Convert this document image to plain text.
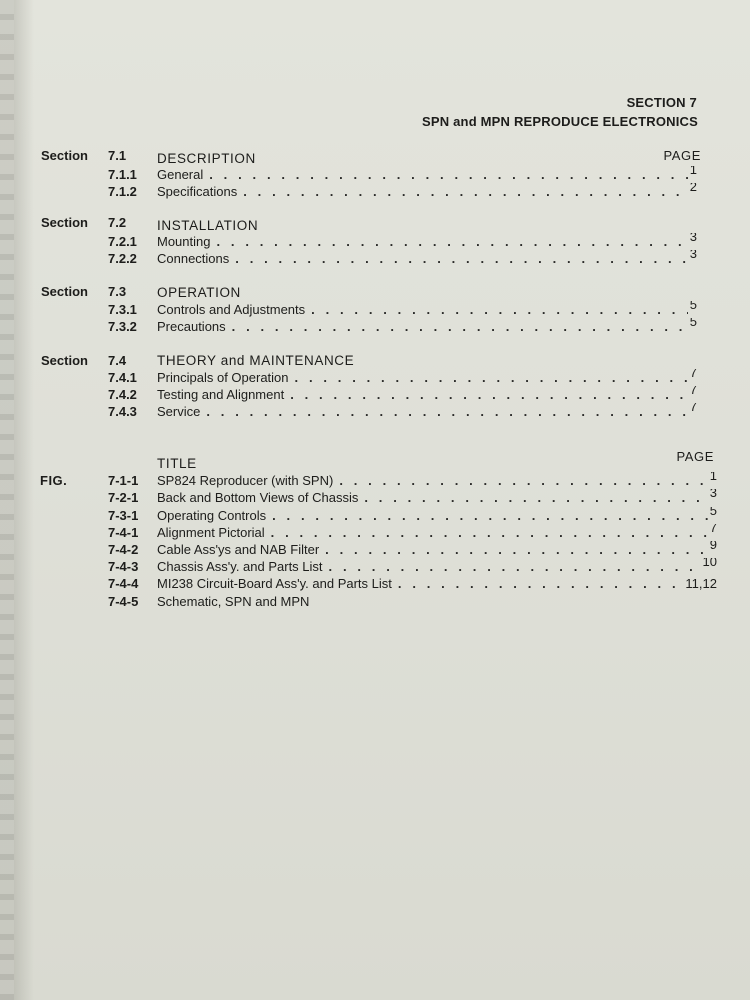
SECTION 7
SPN and MPN REPRODUCE ELECTRONICS
Section 7.1 DESCRIPTION	PAGE
7.1.1 General . . .	1
7.1.2 Specifications . . .	2
Section 7.2 INSTALLATION
7.2.1 Mounting . . .	3
7.2.2 Connections . . .	3
Section 7.3 OPERATION
7.3.1 Controls and Adjustments . . .	5
7.3.2 Precautions . . .	5
Section 7.4 THEORY and MAINTENANCE
7.4.1 Principals of Operation . . .	7
7.4.2 Testing and Alignment . . .	7
7.4.3 Service . . .	7
TITLE	PAGE
FIG.	7-1-1 SP824 Reproducer (with SPN) . . .	1
7-2-1 Back and Bottom Views of Chassis . . .	3
7-3-1 Operating Controls . . .	5
7-4-1 Alignment Pictorial . . .	7
7-4-2 Cable Ass'ys and NAB Filter . . .	9
7-4-3 Chassis Ass'y. and Parts List . . .	10
7-4-4 MI238 Circuit-Board Ass'y. and Parts List . . .	11,12
7-4-5 Schematic, SPN and MPN
